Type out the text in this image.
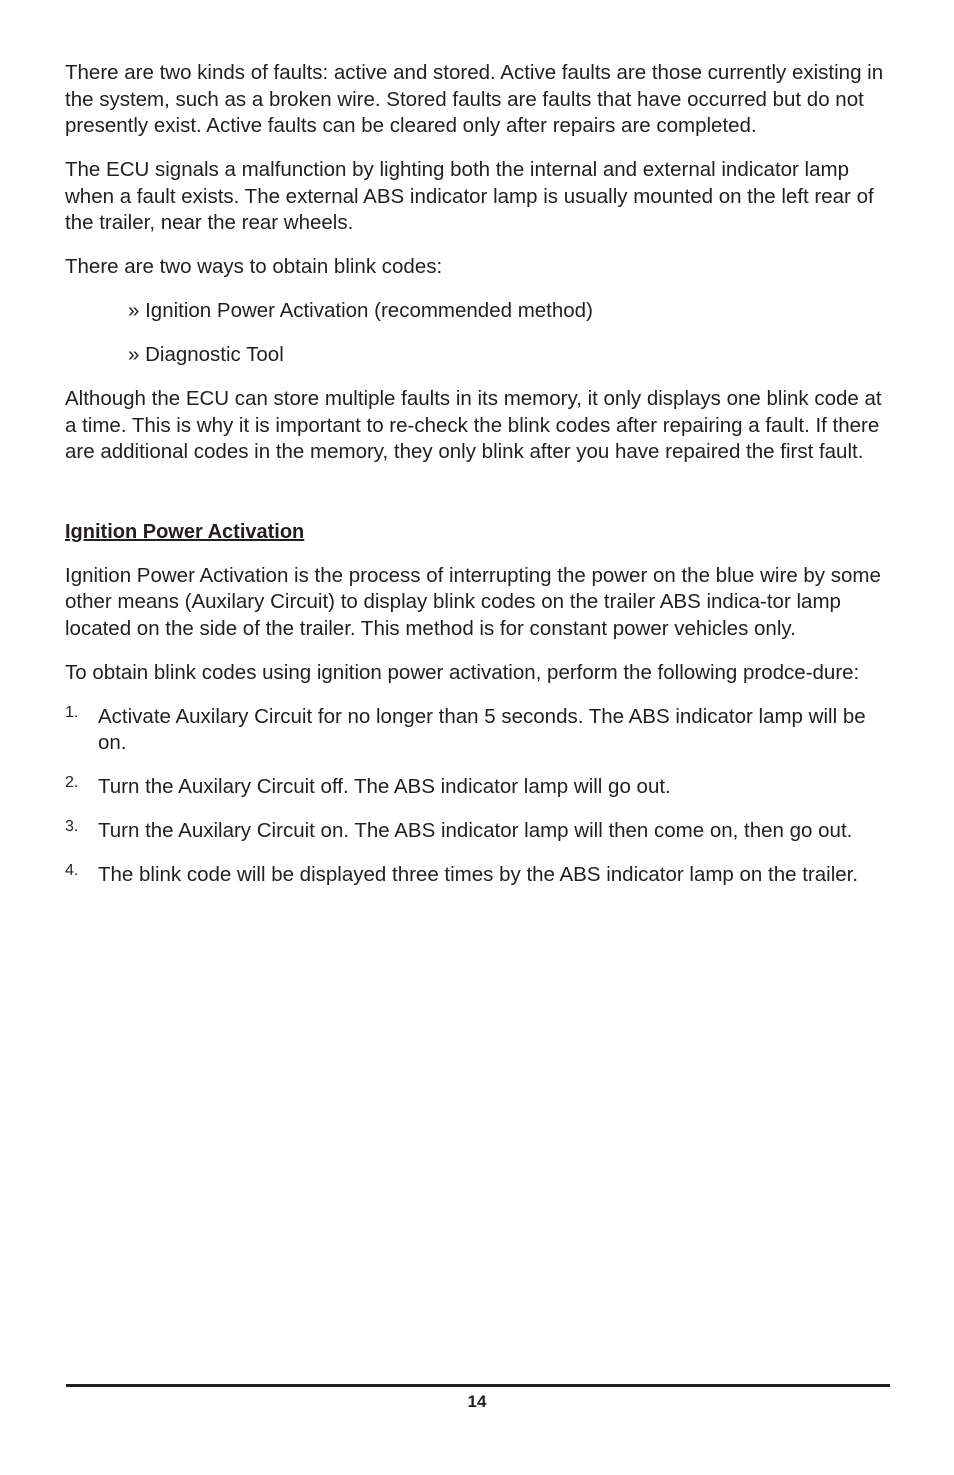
There are two kinds of faults: active and stored. Active faults are those currently existing in the system, such as a broken wire. Stored faults are faults that have occurred but do not presently exist. Active faults can be cleared only after repairs are completed.

The ECU signals a malfunction by lighting both the internal and external indicator lamp when a fault exists. The external ABS indicator lamp is usually mounted on the left rear of the trailer, near the rear wheels.

There are two ways to obtain blink codes:

» Ignition Power Activation (recommended method)

» Diagnostic Tool

Although the ECU can store multiple faults in its memory, it only displays one blink code at a time. This is why it is important to re-check the blink codes after repairing a fault. If there are additional codes in the memory, they only blink after you have repaired the first fault.

Ignition Power Activation

Ignition Power Activation is the process of interrupting the power on the blue wire by some other means (Auxilary Circuit) to display blink codes on the trailer ABS indica-tor lamp located on the side of the trailer. This method is for constant power vehicles only.

To obtain blink codes using ignition power activation, perform the following prodce-dure:

1. Activate Auxilary Circuit for no longer than 5 seconds. The ABS indicator lamp will be on.

2. Turn the Auxilary Circuit off. The ABS indicator lamp will go out.

3. Turn the Auxilary Circuit on. The ABS indicator lamp will then come on, then go out.

4. The blink code will be displayed three times by the ABS indicator lamp on the trailer.

14
